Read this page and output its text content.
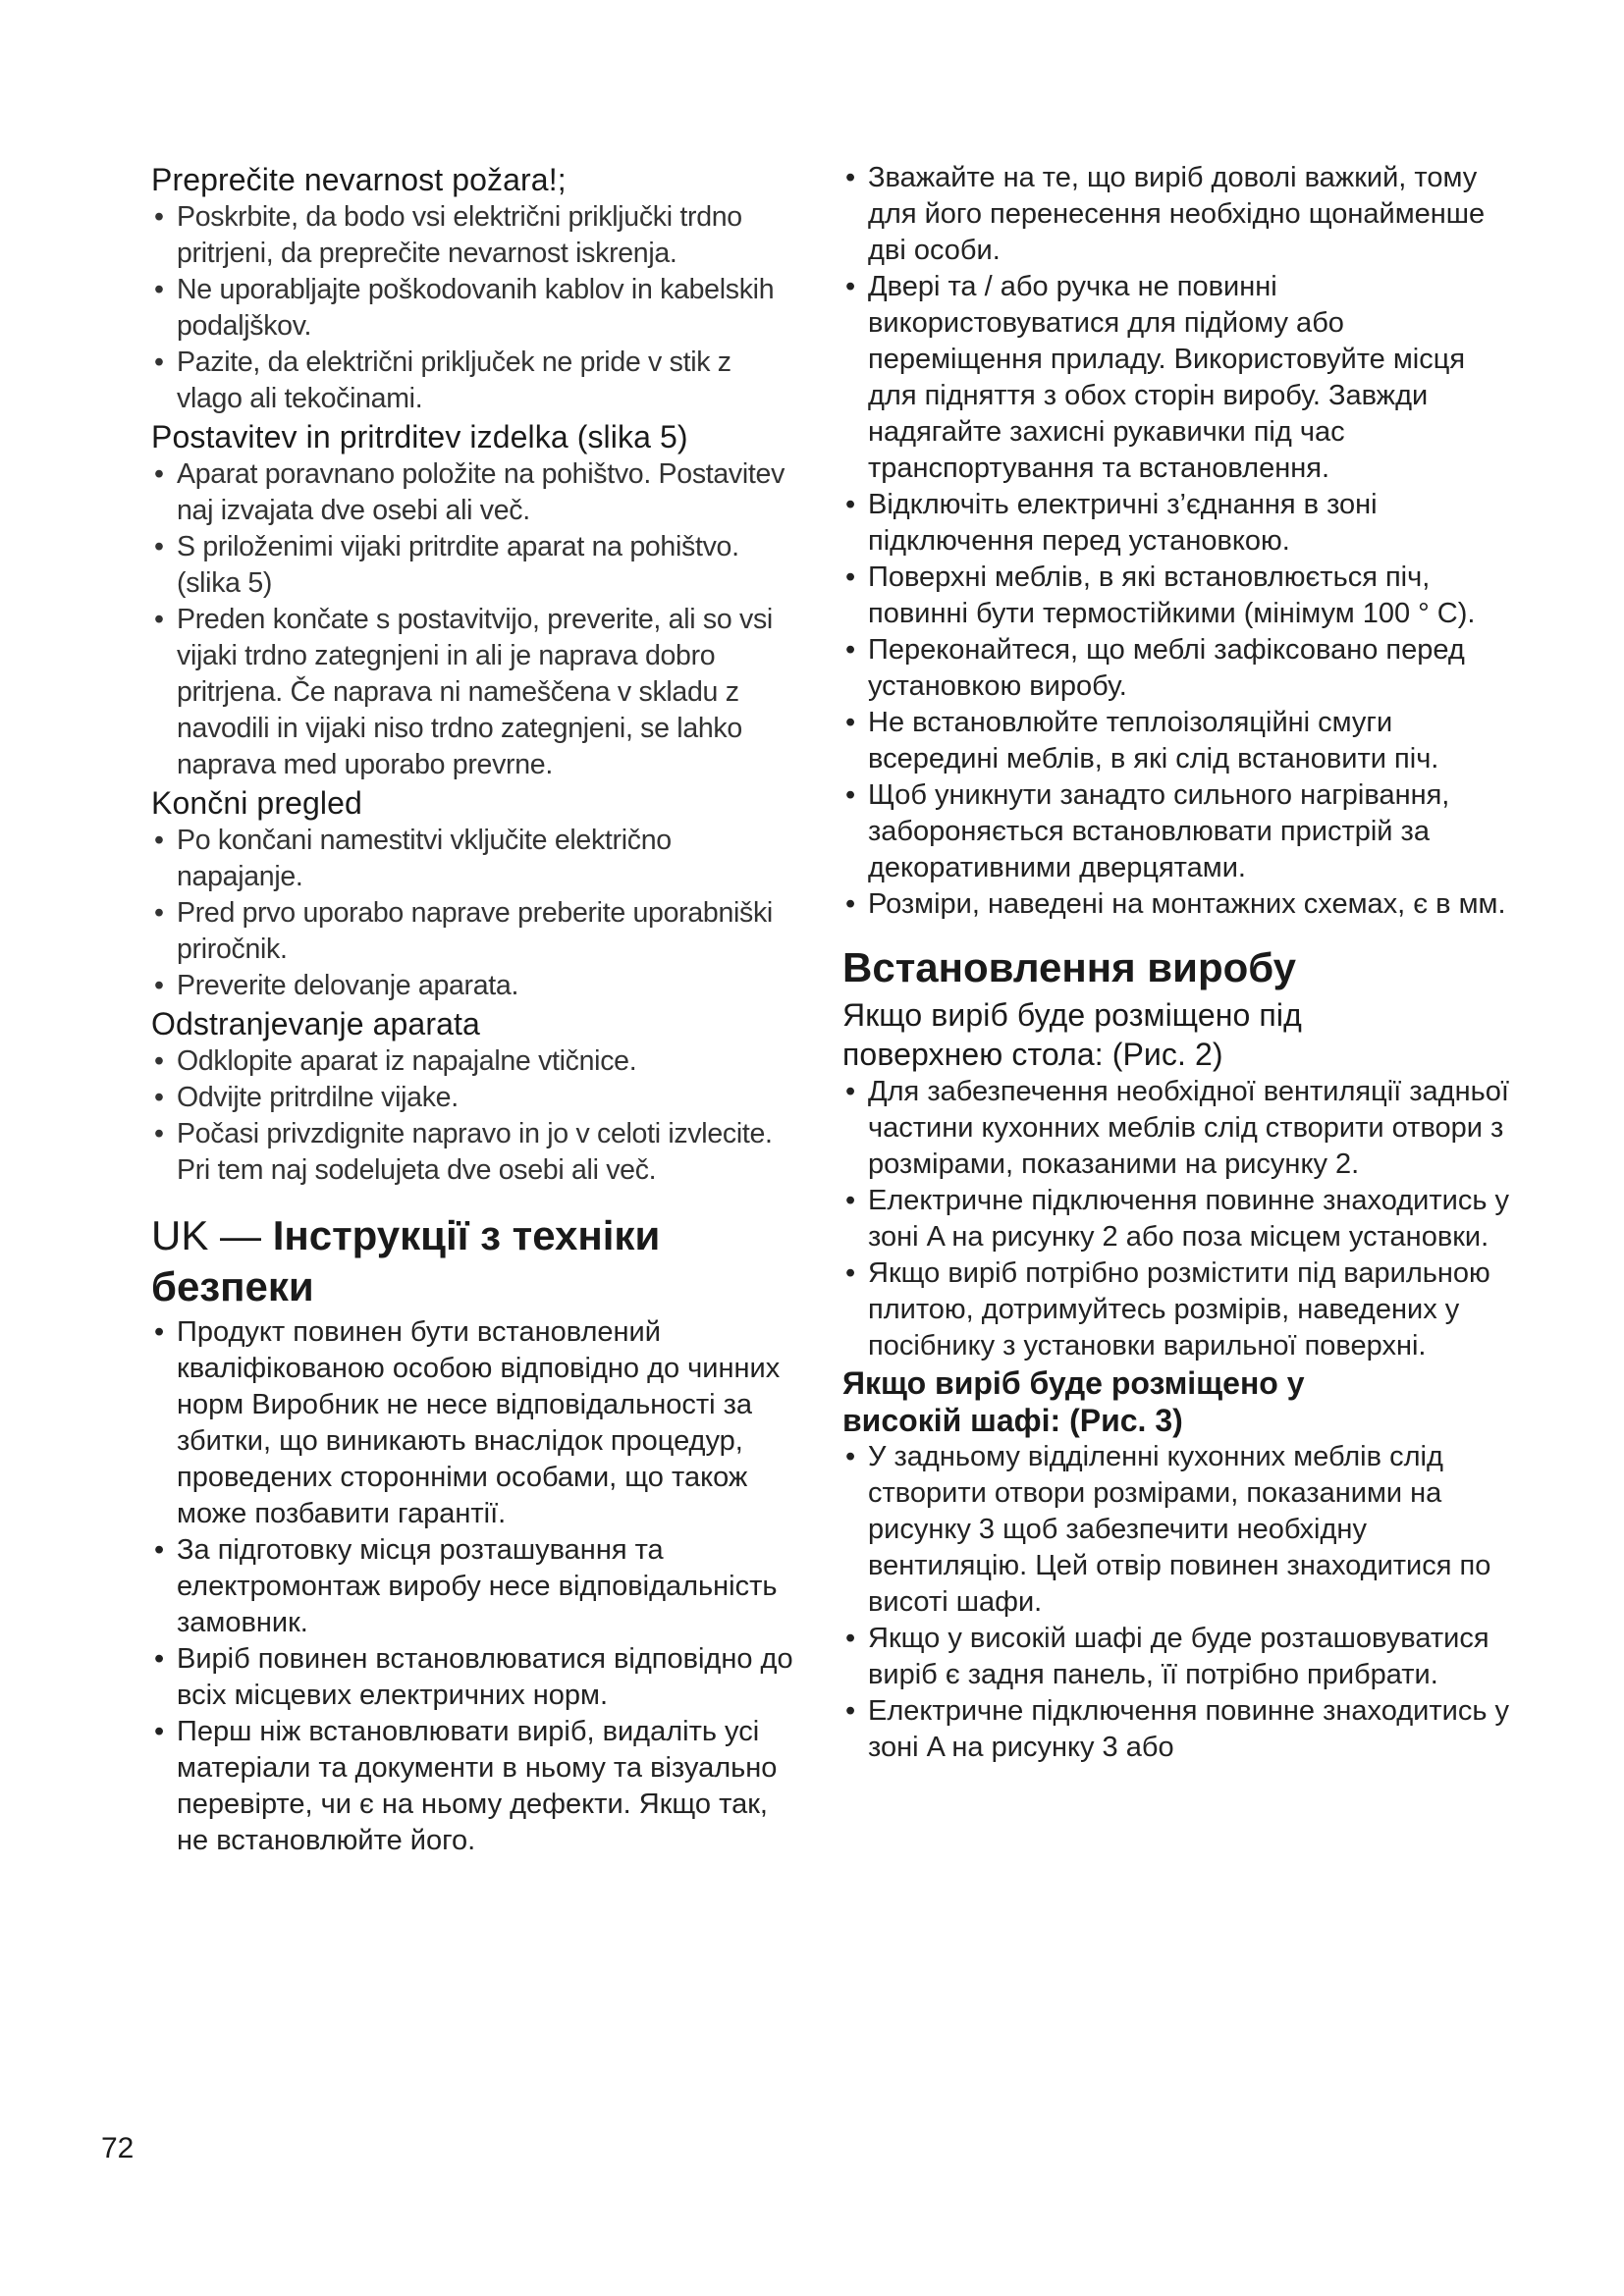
Preprečite nevarnost požara!;
• Poskrbite, da bodo vsi električni priključki trdno pritrjeni, da preprečite nevarnost iskrenja.
• Ne uporabljajte poškodovanih kablov in kabelskih podaljškov.
• Pazite, da električni priključek ne pride v stik z vlago ali tekočinami.
Postavitev in pritrditev izdelka (slika 5)
• Aparat poravnano položite na pohištvo. Postavitev naj izvajata dve osebi ali več.
• S priloženimi vijaki pritrdite aparat na pohištvo. (slika 5)
• Preden končate s postavitvijo, preverite, ali so vsi vijaki trdno zategnjeni in ali je naprava dobro pritrjena. Če naprava ni nameščena v skladu z navodili in vijaki niso trdno zategnjeni, se lahko naprava med uporabo prevrne.
Končni pregled
• Po končani namestitvi vključite električno napajanje.
• Pred prvo uporabo naprave preberite uporabniški priročnik.
• Preverite delovanje aparata.
Odstranjevanje aparata
• Odklopite aparat iz napajalne vtičnice.
• Odvijte pritrdilne vijake.
• Počasi privzdignite napravo in jo v celoti izvlecite. Pri tem naj sodelujeta dve osebi ali več.
UK — Інструкції з техніки безпеки
• Продукт повинен бути встановлений кваліфікованою особою відповідно до чинних норм Виробник не несе відповідальності за збитки, що виникають внаслідок процедур, проведених сторонніми особами, що також може позбавити гарантії.
• За підготовку місця розташування та електромонтаж виробу несе відповідальність замовник.
• Виріб повинен встановлюватися відповідно до всіх місцевих електричних норм.
• Перш ніж встановлювати виріб, видаліть усі матеріали та документи в ньому та візуально перевірте, чи є на ньому дефекти. Якщо так, не встановлюйте його.
• Зважайте на те, що виріб доволі важкий, тому для його перенесення необхідно щонайменше дві особи.
• Двері та / або ручка не повинні використовуватися для підйому або переміщення приладу. Використовуйте місця для підняття з обох сторін виробу. Завжди надягайте захисні рукавички під час транспортування та встановлення.
• Відключіть електричні з’єднання в зоні підключення перед установкою.
• Поверхні меблів, в які встановлюється піч, повинні бути термостійкими (мінімум 100 ° C).
• Переконайтеся, що меблі зафіксовано перед установкою виробу.
• Не встановлюйте теплоізоляційні смуги всередині меблів, в які слід встановити піч.
• Щоб уникнути занадто сильного нагрівання, забороняється встановлювати пристрій за декоративними дверцятами.
• Розміри, наведені на монтажних схемах, є в мм.
Встановлення виробу
Якщо виріб буде розміщено під поверхнею стола: (Рис. 2)
• Для забезпечення необхідної вентиляції задньої частини кухонних меблів слід створити отвори з розмірами, показаними на рисунку 2.
• Електричне підключення повинне знаходитись у зоні A на рисунку 2 або поза місцем установки.
• Якщо виріб потрібно розмістити під варильною плитою, дотримуйтесь розмірів, наведених у посібнику з установки варильної поверхні.
Якщо виріб буде розміщено у високій шафі: (Рис. 3)
• У задньому відділенні кухонних меблів слід створити отвори розмірами, показаними на рисунку 3 щоб забезпечити необхідну вентиляцію. Цей отвір повинен знаходитися по висоті шафи.
• Якщо у високій шафі де буде розташовуватися виріб є задня панель, її потрібно прибрати.
• Електричне підключення повинне знаходитись у зоні A на рисунку 3 або
72
